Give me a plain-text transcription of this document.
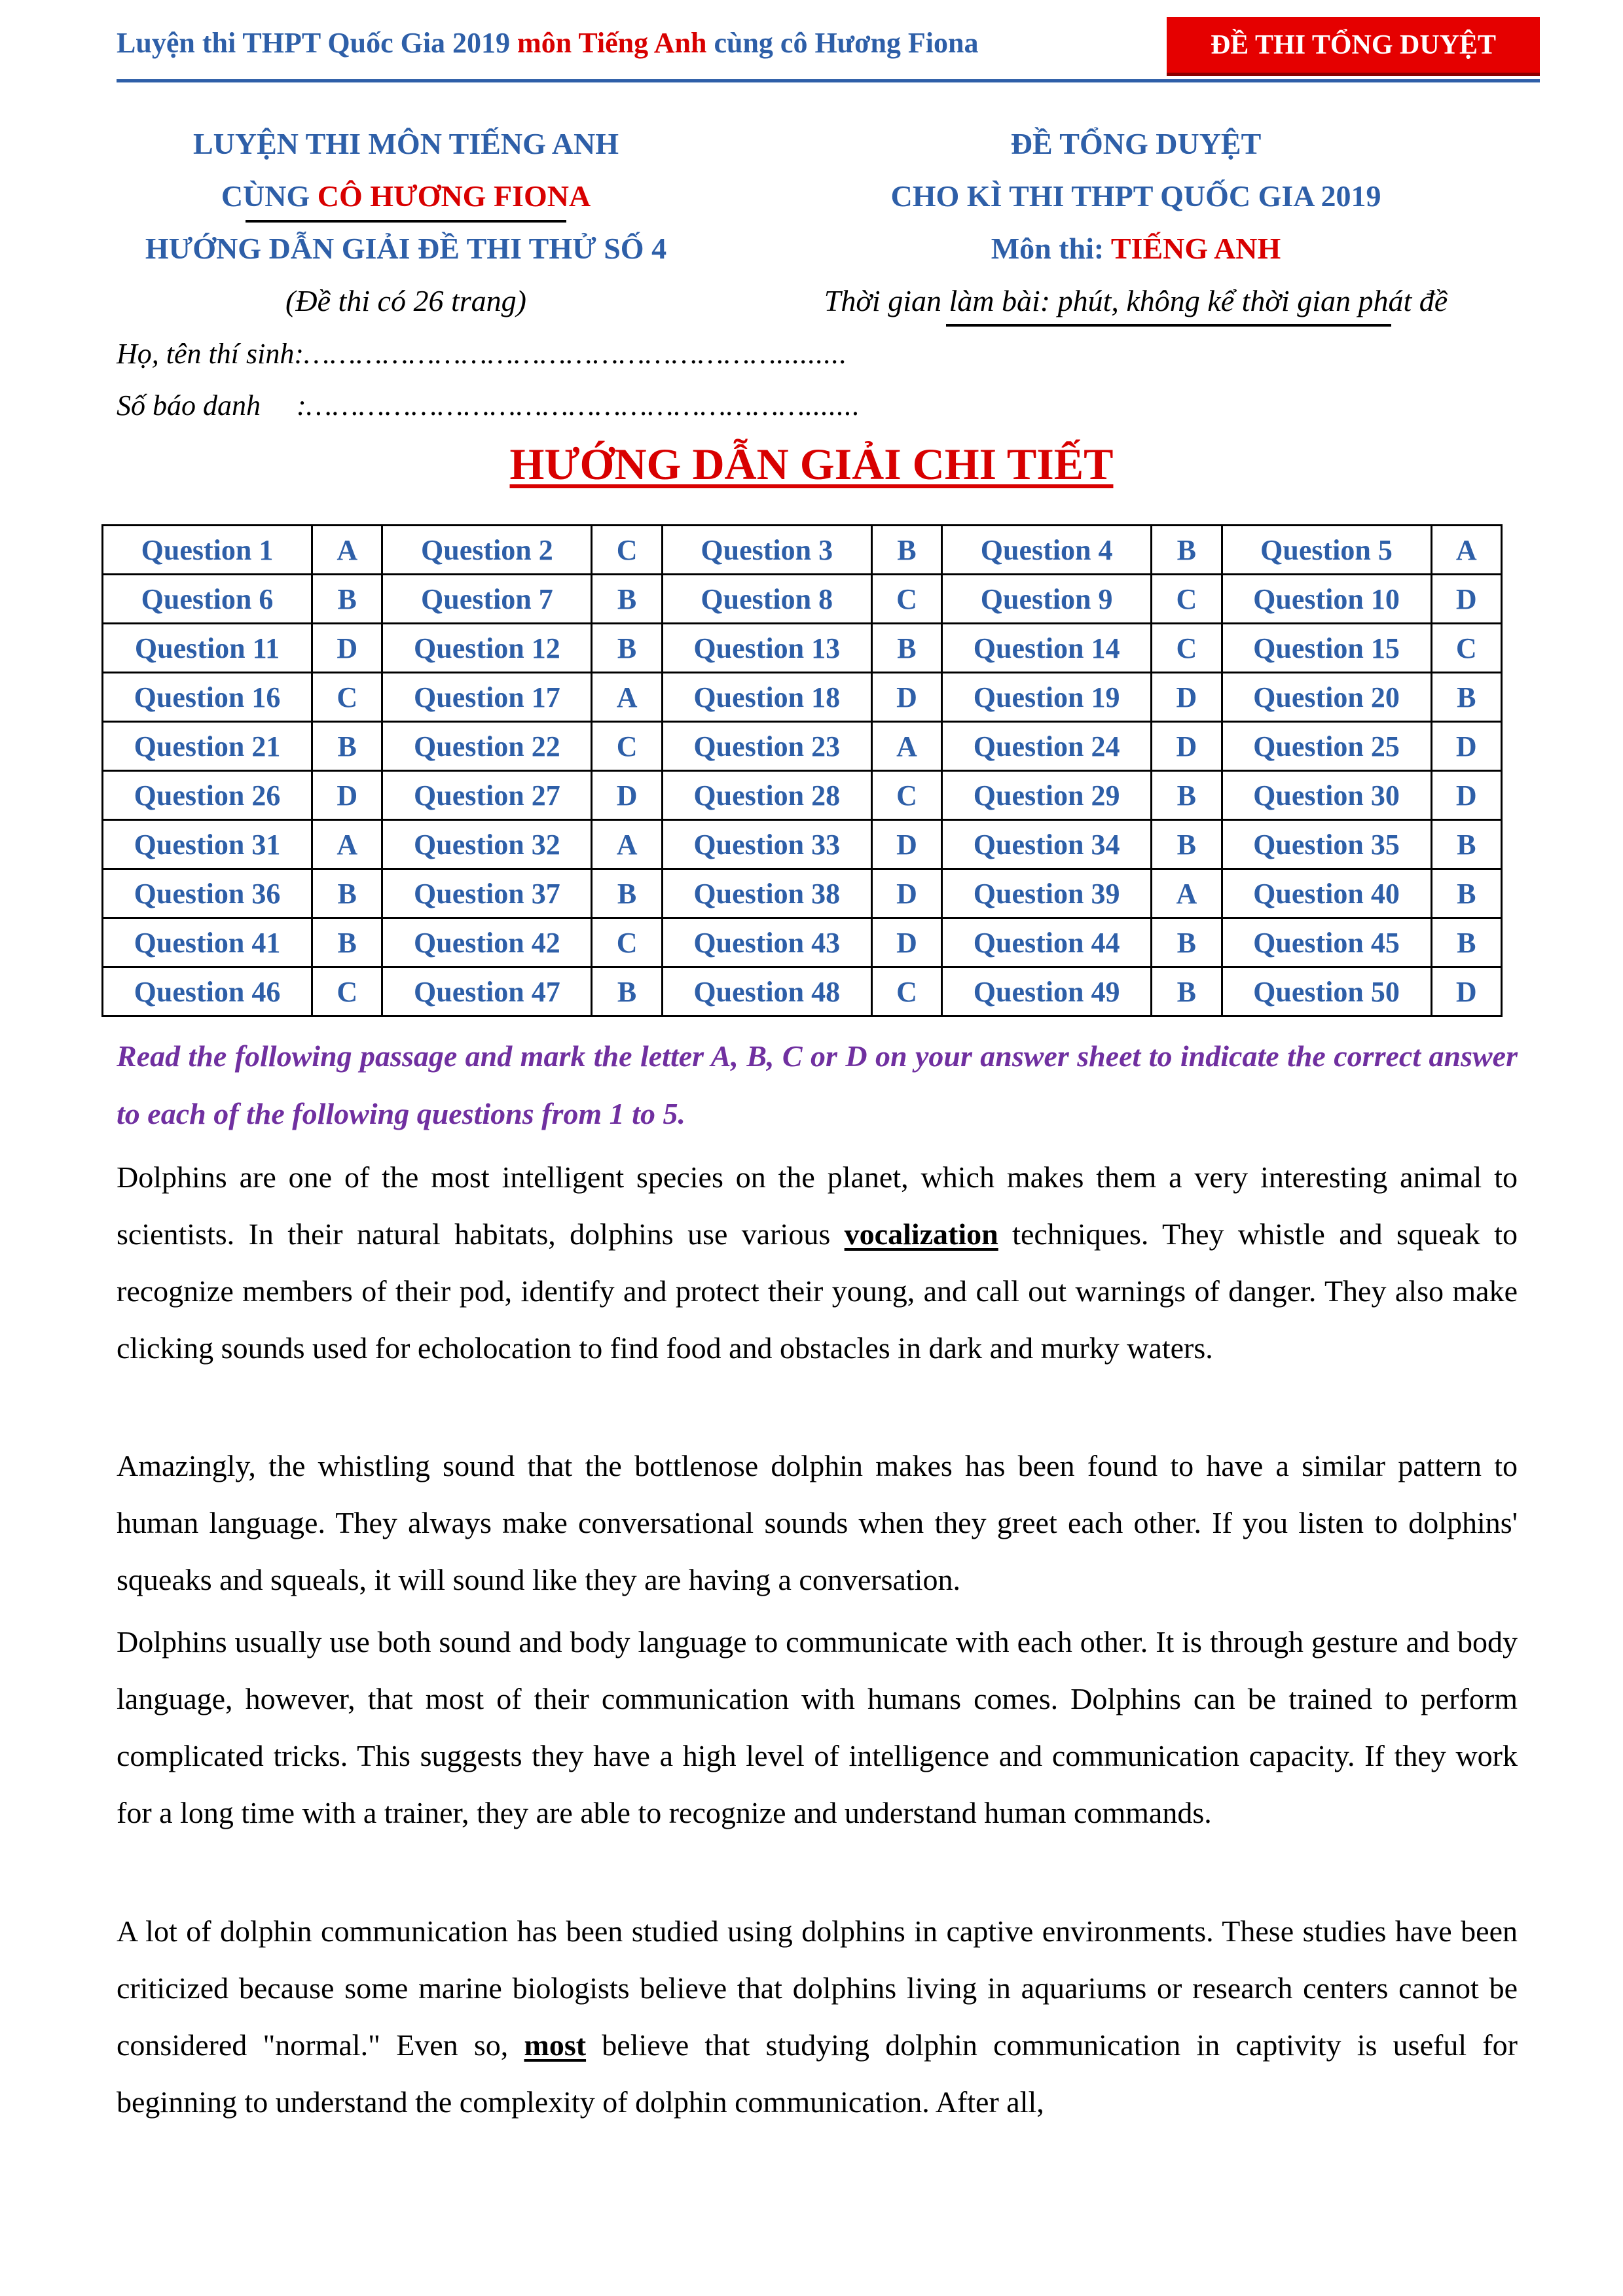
Luyện thi THPT Quốc Gia 2019 môn Tiếng Anh cùng cô Hương Fiona	ĐỀ THI TỔNG DUYỆT
LUYỆN THI MÔN TIẾNG ANH
CÙNG CÔ HƯƠNG FIONA
HƯỚNG DẪN GIẢI ĐỀ THI THỬ SỐ 4
(Đề thi có 26 trang)
ĐỀ TỔNG DUYỆT
CHO KÌ THI THPT QUỐC GIA 2019
Môn thi: TIẾNG ANH
Thời gian làm bài: phút, không kể thời gian phát đề
Họ, tên thí sinh:……………………………………………….........
Số báo danh     :………………………………………………….......
HƯỚNG DẪN GIẢI CHI TIẾT
Question 1	A	Question 2	C	Question 3	B	Question 4	B	Question 5	A
Question 6	B	Question 7	B	Question 8	C	Question 9	C	Question 10	D
Question 11	D	Question 12	B	Question 13	B	Question 14	C	Question 15	C
Question 16	C	Question 17	A	Question 18	D	Question 19	D	Question 20	B
Question 21	B	Question 22	C	Question 23	A	Question 24	D	Question 25	D
Question 26	D	Question 27	D	Question 28	C	Question 29	B	Question 30	D
Question 31	A	Question 32	A	Question 33	D	Question 34	B	Question 35	B
Question 36	B	Question 37	B	Question 38	D	Question 39	A	Question 40	B
Question 41	B	Question 42	C	Question 43	D	Question 44	B	Question 45	B
Question 46	C	Question 47	B	Question 48	C	Question 49	B	Question 50	D
Read the following passage and mark the letter A, B, C or D on your answer sheet to indicate the correct answer to each of the following questions from 1 to 5.

Dolphins are one of the most intelligent species on the planet, which makes them a very interesting animal to scientists. In their natural habitats, dolphins use various vocalization techniques. They whistle and squeak to recognize members of their pod, identify and protect their young, and call out warnings of danger. They also make clicking sounds used for echolocation to find food and obstacles in dark and murky waters.

Amazingly, the whistling sound that the bottlenose dolphin makes has been found to have a similar pattern to human language. They always make conversational sounds when they greet each other. If you listen to dolphins' squeaks and squeals, it will sound like they are having a conversation.

Dolphins usually use both sound and body language to communicate with each other. It is through gesture and body language, however, that most of their communication with humans comes. Dolphins can be trained to perform complicated tricks. This suggests they have a high level of intelligence and communication capacity. If they work for a long time with a trainer, they are able to recognize and understand human commands.

A lot of dolphin communication has been studied using dolphins in captive environments. These studies have been criticized because some marine biologists believe that dolphins living in aquariums or research centers cannot be considered "normal." Even so, most believe that studying dolphin communication in captivity is useful for beginning to understand the complexity of dolphin communication. After all,
